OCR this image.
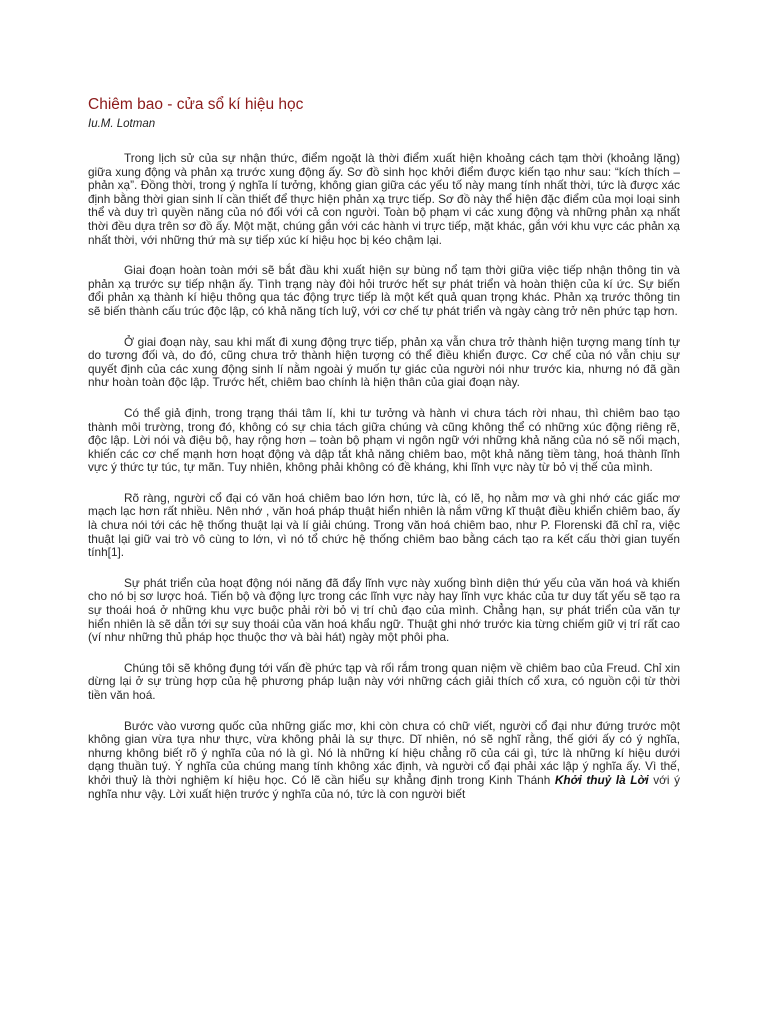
Chiêm bao - cửa sổ kí hiệu học
Iu.M. Lotman

Trong lịch sử của sự nhận thức, điểm ngoặt là thời điểm xuất hiện khoảng cách tạm thời (khoảng lặng) giữa xung động và phản xạ trước xung động ấy. Sơ đồ sinh học khởi điểm được kiến tạo như sau: “kích thích – phản xạ”. Đồng thời, trong ý nghĩa lí tưởng, không gian giữa các yếu tố này mang tính nhất thời, tức là được xác định bằng thời gian sinh lí cần thiết để thực hiện phản xạ trực tiếp. Sơ đồ này thể hiện đặc điểm của mọi loại sinh thể và duy trì quyền năng của nó đối với cả con người. Toàn bộ phạm vi các xung động và những phản xạ nhất thời đều dựa trên sơ đồ ấy. Một mặt, chúng gắn với các hành vi trực tiếp, mặt khác, gắn với khu vực các phản xạ nhất thời, với những thứ mà sự tiếp xúc kí hiệu học bị kéo chậm lại.

Giai đoạn hoàn toàn mới sẽ bắt đầu khi xuất hiện sự bùng nổ tạm thời giữa việc tiếp nhận thông tin và phản xạ trước sự tiếp nhận ấy. Tình trạng này đòi hỏi trước hết sự phát triển và hoàn thiện của kí ức. Sự biến đổi phản xạ thành kí hiệu thông qua tác động trực tiếp là một kết quả quan trọng khác. Phản xạ trước thông tin sẽ biến thành cấu trúc độc lập, có khả năng tích luỹ, với cơ chế tự phát triển và ngày càng trở nên phức tạp hơn.

Ở giai đoạn này, sau khi mất đi xung động trực tiếp, phản xạ vẫn chưa trở thành hiện tượng mang tính tự do tương đối và, do đó, cũng chưa trở thành hiện tượng có thể điều khiển được. Cơ chế của nó vẫn chịu sự quyết định của các xung động sinh lí nằm ngoài ý muốn tự giác của người nói như trước kia, nhưng nó đã gần như hoàn toàn độc lập. Trước hết, chiêm bao chính là hiện thân của giai đoạn này.

Có thể giả định, trong trạng thái tâm lí, khi tư tưởng và hành vi chưa tách rời nhau, thì chiêm bao tạo thành môi trường, trong đó, không có sự chia tách giữa chúng và cũng không thể có những xúc động riêng rẽ, độc lập. Lời nói và điệu bộ, hay rộng hơn – toàn bộ phạm vi ngôn ngữ với những khả năng của nó sẽ nối mạch, khiến các cơ chế mạnh hơn hoạt động và dập tắt khả năng chiêm bao, một khả năng tiềm tàng, hoá thành lĩnh vực ý thức tự túc, tự mãn. Tuy nhiên, không phải không có đề kháng, khi lĩnh vực này từ bỏ vị thế của mình.

Rõ ràng, người cổ đại có văn hoá chiêm bao lớn hơn, tức là, có lẽ, họ nằm mơ và ghi nhớ các giấc mơ mạch lạc hơn rất nhiều. Nên nhớ , văn hoá pháp thuật hiển nhiên là nắm vững kĩ thuật điều khiển chiêm bao, ấy là chưa nói tới các hệ thống thuật lại và lí giải chúng. Trong văn hoá chiêm bao, như P. Florenski đã chỉ ra, việc thuật lại giữ vai trò vô cùng to lớn, vì nó tổ chức hệ thống chiêm bao bằng cách tạo ra kết cấu thời gian tuyến tính[1].

Sự phát triển của hoạt động nói năng đã đẩy lĩnh vực này xuống bình diện thứ yếu của văn hoá và khiến cho nó bị sơ lược hoá. Tiến bộ và động lực trong các lĩnh vực này hay lĩnh vực khác của tư duy tất yếu sẽ tạo ra sự thoái hoá ở những khu vực buộc phải rời bỏ vị trí chủ đạo của mình. Chẳng hạn, sự phát triển của văn tự hiển nhiên là sẽ dẫn tới sự suy thoái của văn hoá khẩu ngữ. Thuật ghi nhớ trước kia từng chiếm giữ vị trí rất cao (ví như những thủ pháp học thuộc thơ và bài hát) ngày một phôi pha.

Chúng tôi sẽ không đụng tới vấn đề phức tạp và rối rắm trong quan niệm về chiêm bao của Freud. Chỉ xin dừng lại ở sự trùng hợp của hệ phương pháp luận này với những cách giải thích cổ xưa, có nguồn cội từ thời tiền văn hoá.

Bước vào vương quốc của những giấc mơ, khi còn chưa có chữ viết, người cổ đại như đứng trước một không gian vừa tựa như thực, vừa không phải là sự thực. Dĩ nhiên, nó sẽ nghĩ rằng, thế giới ấy có ý nghĩa, nhưng không biết rõ ý nghĩa của nó là gì. Nó là những kí hiệu chẳng rõ của cái gì, tức là những kí hiệu dưới dạng thuần tuý. Ý nghĩa của chúng mang tính không xác định, và người cổ đại phải xác lập ý nghĩa ấy. Vì thế, khởi thuỷ là thời nghiệm kí hiệu học. Có lẽ cần hiểu sự khẳng định trong Kinh Thánh Khởi thuỷ là Lời với ý nghĩa như vậy. Lời xuất hiện trước ý nghĩa của nó, tức là con người biết
